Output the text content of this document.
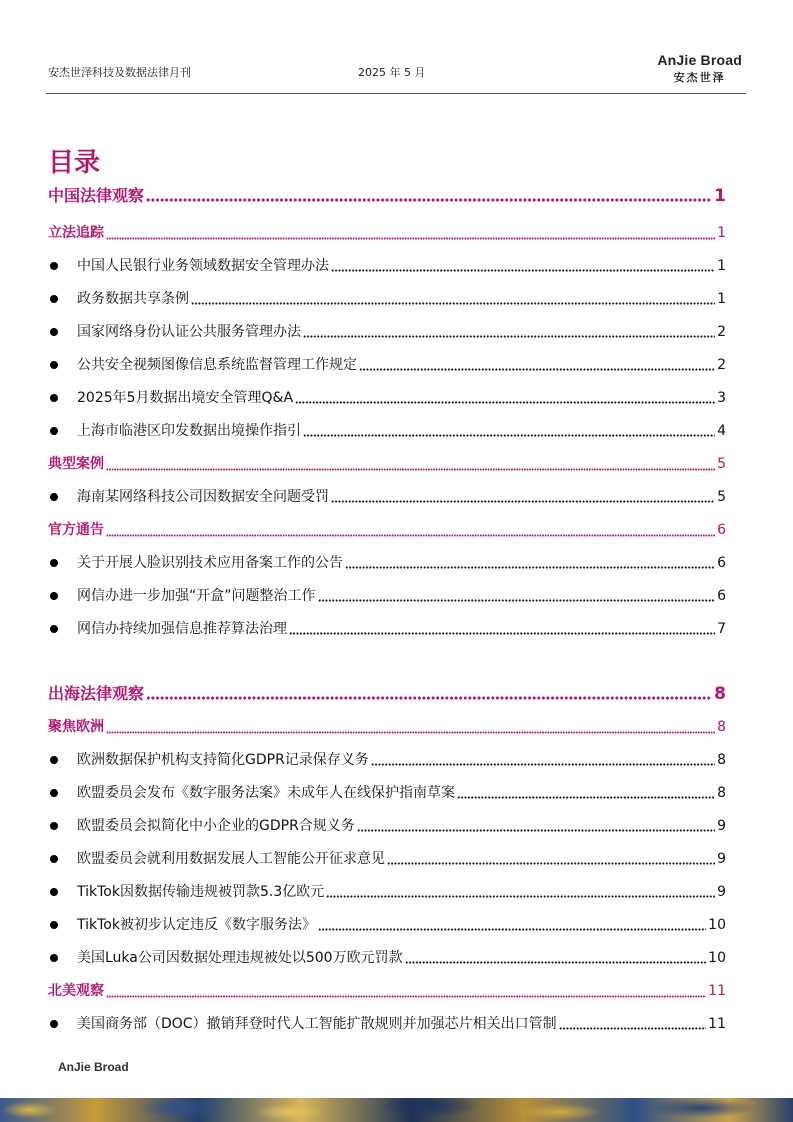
安杰世泽科技及数据法律月刊	2025 年 5 月
AnJie Broad
安杰世泽
目录
中国法律观察	1
立法追踪	1
中国人民银行业务领域数据安全管理办法	1
政务数据共享条例	1
国家网络身份认证公共服务管理办法	2
公共安全视频图像信息系统监督管理工作规定	2
2025年5月数据出境安全管理Q&A	3
上海市临港区印发数据出境操作指引	4
典型案例	5
海南某网络科技公司因数据安全问题受罚	5
官方通告	6
关于开展人脸识别技术应用备案工作的公告	6
网信办进一步加强“开盒”问题整治工作	6
网信办持续加强信息推荐算法治理	7
出海法律观察	8
聚焦欧洲	8
欧洲数据保护机构支持简化GDPR记录保存义务	8
欧盟委员会发布《数字服务法案》未成年人在线保护指南草案	8
欧盟委员会拟简化中小企业的GDPR合规义务	9
欧盟委员会就利用数据发展人工智能公开征求意见	9
TikTok因数据传输违规被罚款5.3亿欧元	9
TikTok被初步认定违反《数字服务法》	10
美国Luka公司因数据处理违规被处以500万欧元罚款	10
北美观察	11
美国商务部（DOC）撤销拜登时代人工智能扩散规则并加强芯片相关出口管制	11
AnJie Broad
